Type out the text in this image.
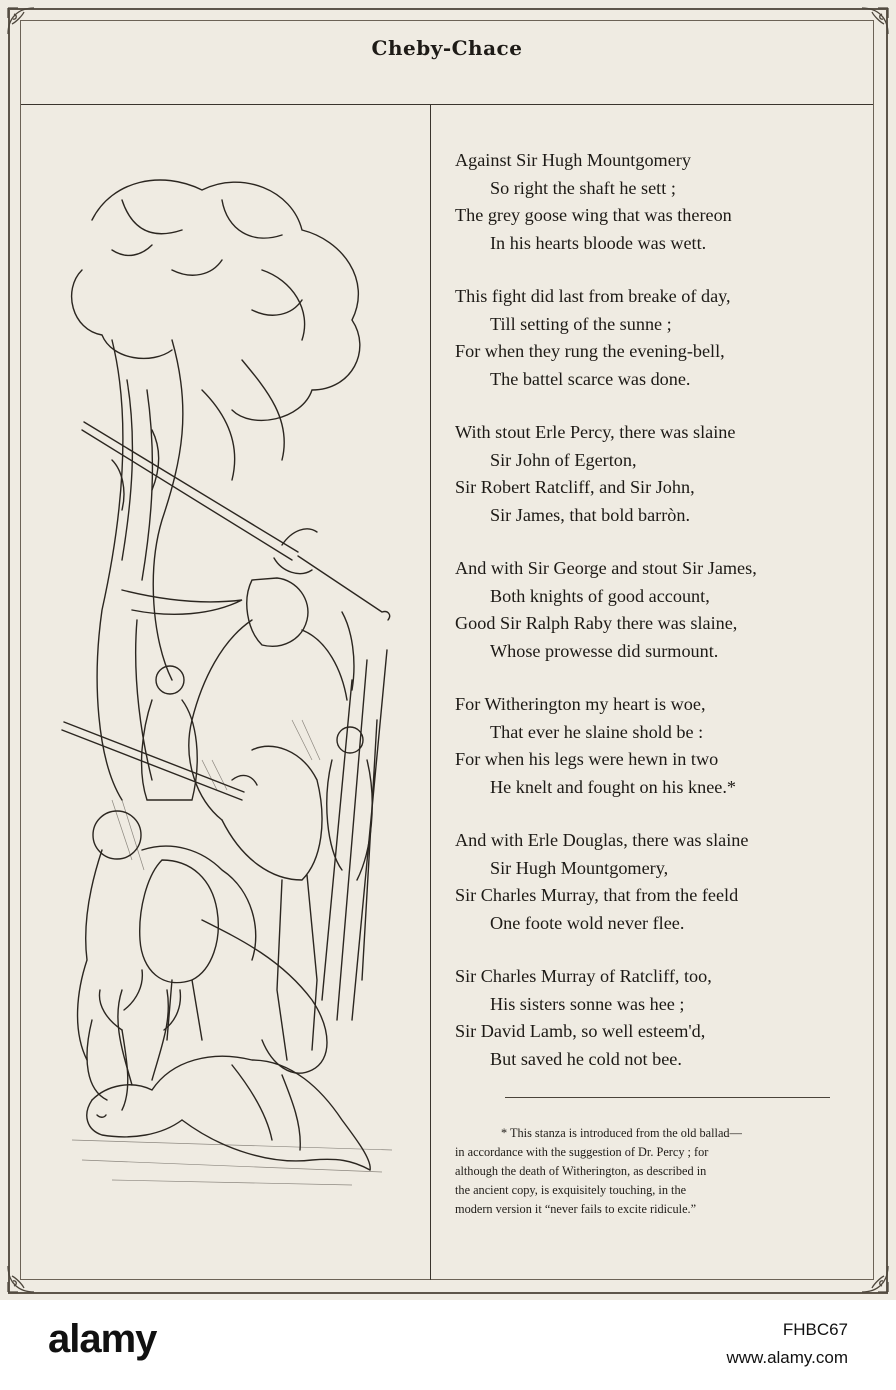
Cheby-Chace
Against Sir Hugh Mountgomery
So right the shaft he sett ;
The grey goose wing that was thereon
In his hearts bloode was wett.
This fight did last from breake of day,
Till setting of the sunne ;
For when they rung the evening-bell,
The battel scarce was done.
With stout Erle Percy, there was slaine
Sir John of Egerton,
Sir Robert Ratcliff, and Sir John,
Sir James, that bold barròn.
And with Sir George and stout Sir James,
Both knights of good account,
Good Sir Ralph Raby there was slaine,
Whose prowesse did surmount.
For Witherington my heart is woe,
That ever he slaine shold be :
For when his legs were hewn in two
He knelt and fought on his knee.*
And with Erle Douglas, there was slaine
Sir Hugh Mountgomery,
Sir Charles Murray, that from the feeld
One foote wold never flee.
Sir Charles Murray of Ratcliff, too,
His sisters sonne was hee ;
Sir David Lamb, so well esteem'd,
But saved he cold not bee.
* This stanza is introduced from the old ballad—
in accordance with the suggestion of Dr. Percy ; for
although the death of Witherington, as described in
the ancient copy, is exquisitely touching, in the
modern version it “never fails to excite ridicule.”
alamy	FHBC67
www.alamy.com
